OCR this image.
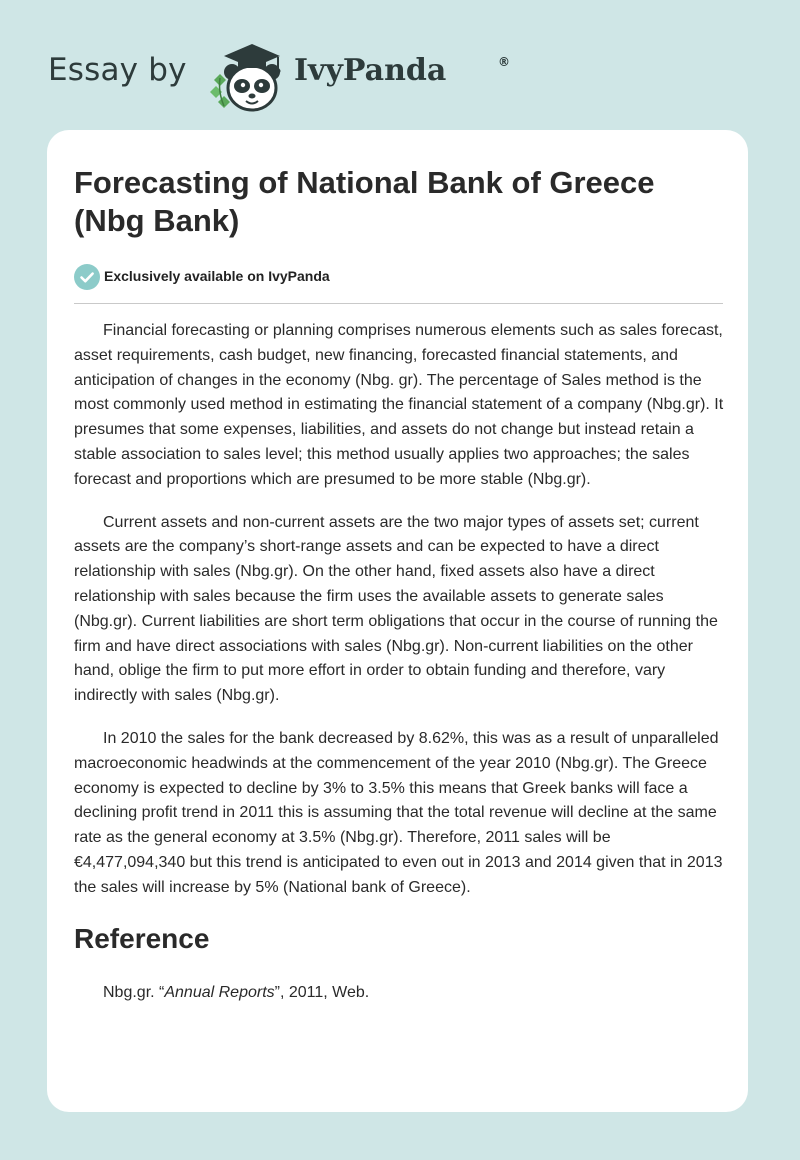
Essay by	IvyPanda	®
Forecasting of National Bank of Greece (Nbg Bank)
Exclusively available on IvyPanda

Financial forecasting or planning comprises numerous elements such as sales forecast, asset requirements, cash budget, new financing, forecasted financial statements, and anticipation of changes in the economy (Nbg. gr). The percentage of Sales method is the most commonly used method in estimating the financial statement of a company (Nbg.gr). It presumes that some expenses, liabilities, and assets do not change but instead retain a stable association to sales level; this method usually applies two approaches; the sales forecast and proportions which are presumed to be more stable (Nbg.gr).

Current assets and non-current assets are the two major types of assets set; current assets are the company’s short-range assets and can be expected to have a direct relationship with sales (Nbg.gr). On the other hand, fixed assets also have a direct relationship with sales because the firm uses the available assets to generate sales (Nbg.gr). Current liabilities are short term obligations that occur in the course of running the firm and have direct associations with sales (Nbg.gr). Non-current liabilities on the other hand, oblige the firm to put more effort in order to obtain funding and therefore, vary indirectly with sales (Nbg.gr).

In 2010 the sales for the bank decreased by 8.62%, this was as a result of unparalleled macroeconomic headwinds at the commencement of the year 2010 (Nbg.gr). The Greece economy is expected to decline by 3% to 3.5% this means that Greek banks will face a declining profit trend in 2011 this is assuming that the total revenue will decline at the same rate as the general economy at 3.5% (Nbg.gr). Therefore, 2011 sales will be €4,477,094,340 but this trend is anticipated to even out in 2013 and 2014 given that in 2013 the sales will increase by 5% (National bank of Greece).

Reference

Nbg.gr. “Annual Reports”, 2011, Web.
